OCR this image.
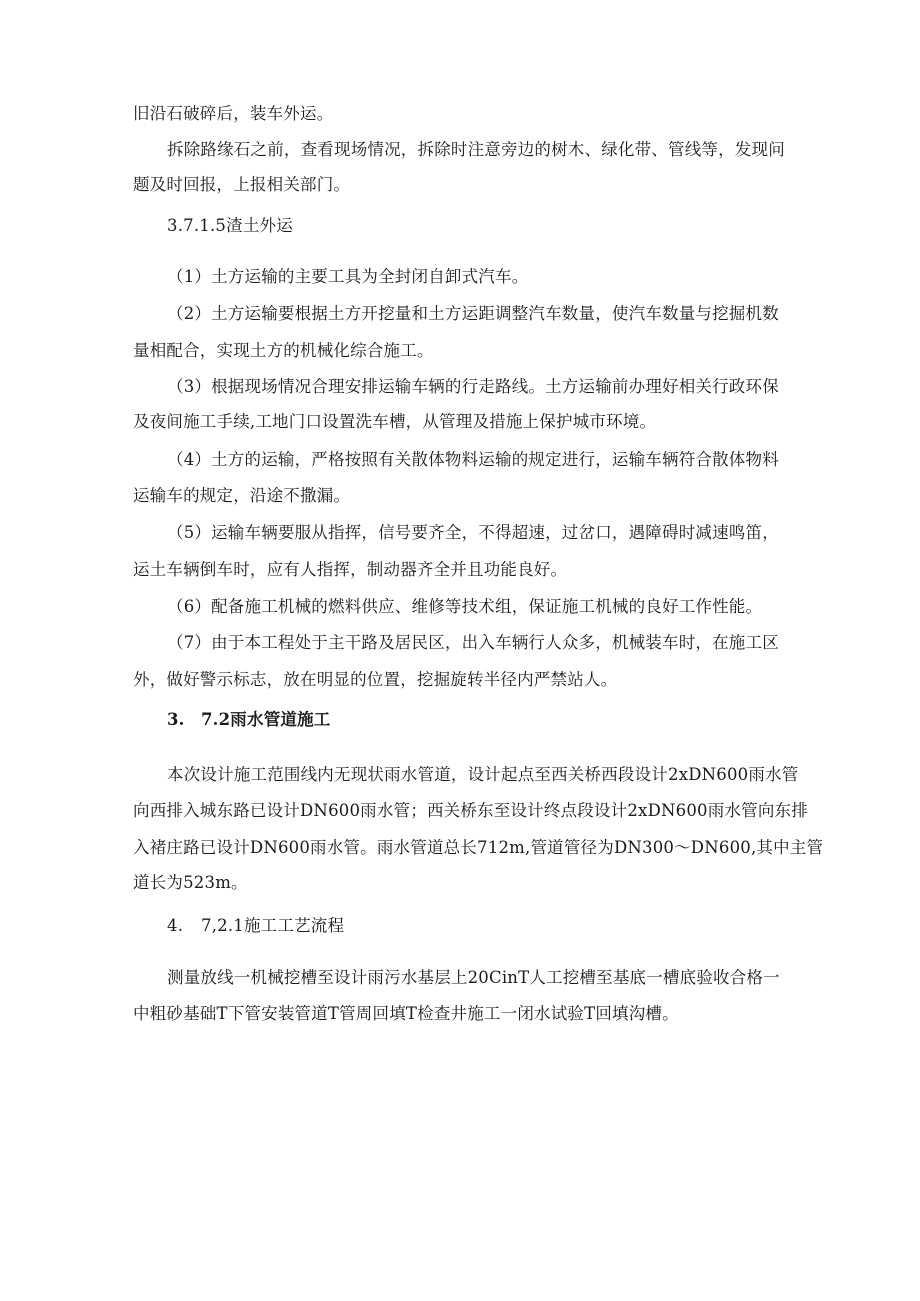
旧沿石破碎后，装车外运。
拆除路缘石之前，查看现场情况，拆除时注意旁边的树木、绿化带、管线等，发现问
题及时回报，上报相关部门。
3.7.1.5渣土外运
（1）土方运输的主要工具为全封闭自卸式汽车。
（2）土方运输要根据土方开挖量和土方运距调整汽车数量，使汽车数量与挖掘机数
量相配合，实现土方的机械化综合施工。
（3）根据现场情况合理安排运输车辆的行走路线。土方运输前办理好相关行政环保
及夜间施工手续,工地门口设置洗车槽，从管理及措施上保护城市环境。
（4）土方的运输，严格按照有关散体物料运输的规定进行，运输车辆符合散体物料
运输车的规定，沿途不撒漏。
（5）运输车辆要服从指挥，信号要齐全，不得超速，过岔口，遇障碍时减速鸣笛，
运土车辆倒车时，应有人指挥，制动器齐全并且功能良好。
（6）配备施工机械的燃料供应、维修等技术组，保证施工机械的良好工作性能。
（7）由于本工程处于主干路及居民区，出入车辆行人众多，机械装车时，在施工区
外，做好警示标志，放在明显的位置，挖掘旋转半径内严禁站人。
3. 7.2雨水管道施工
本次设计施工范围线内无现状雨水管道，设计起点至西关桥西段设计2xDN600雨水管
向西排入城东路已设计DN600雨水管；西关桥东至设计终点段设计2xDN600雨水管向东排
入褚庄路已设计DN600雨水管。雨水管道总长712m,管道管径为DN300～DN600,其中主管
道长为523m。
4. 7,2.1施工工艺流程
测量放线一机械挖槽至设计雨污水基层上20CinT人工挖槽至基底一槽底验收合格一
中粗砂基础T下管安装管道T管周回填T检查井施工一闭水试验T回填沟槽。
